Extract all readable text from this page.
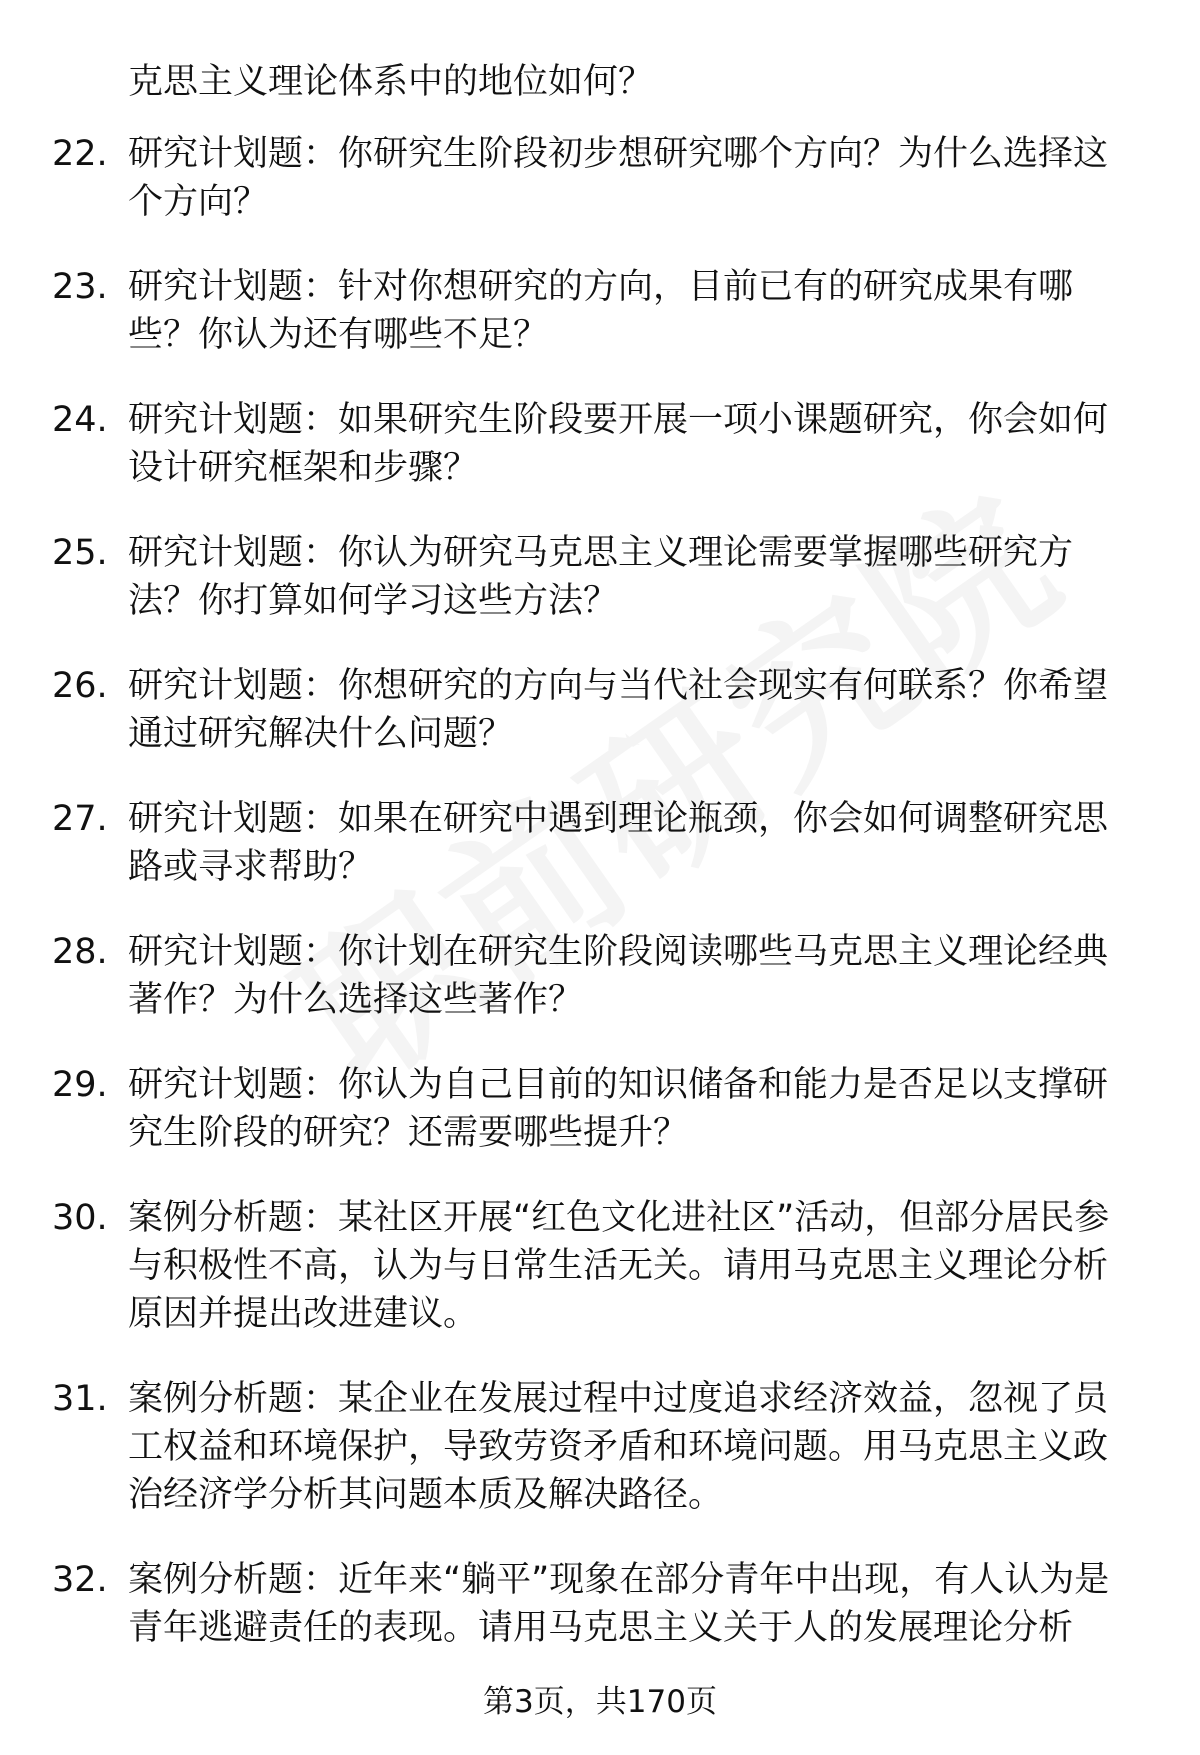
克思主义理论体系中的地位如何？
22. 研究计划题：你研究生阶段初步想研究哪个方向？为什么选择这个方向？
23. 研究计划题：针对你想研究的方向，目前已有的研究成果有哪些？你认为还有哪些不足？
24. 研究计划题：如果研究生阶段要开展一项小课题研究，你会如何设计研究框架和步骤？
25. 研究计划题：你认为研究马克思主义理论需要掌握哪些研究方法？你打算如何学习这些方法？
26. 研究计划题：你想研究的方向与当代社会现实有何联系？你希望通过研究解决什么问题？
27. 研究计划题：如果在研究中遇到理论瓶颈，你会如何调整研究思路或寻求帮助？
28. 研究计划题：你计划在研究生阶段阅读哪些马克思主义理论经典著作？为什么选择这些著作？
29. 研究计划题：你认为自己目前的知识储备和能力是否足以支撑研究生阶段的研究？还需要哪些提升？
30. 案例分析题：某社区开展“红色文化进社区”活动，但部分居民参与积极性不高，认为与日常生活无关。请用马克思主义理论分析原因并提出改进建议。
31. 案例分析题：某企业在发展过程中过度追求经济效益，忽视了员工权益和环境保护，导致劳资矛盾和环境问题。用马克思主义政治经济学分析其问题本质及解决路径。
32. 案例分析题：近年来“躺平”现象在部分青年中出现，有人认为是青年逃避责任的表现。请用马克思主义关于人的发展理论分析
第3页，共170页
